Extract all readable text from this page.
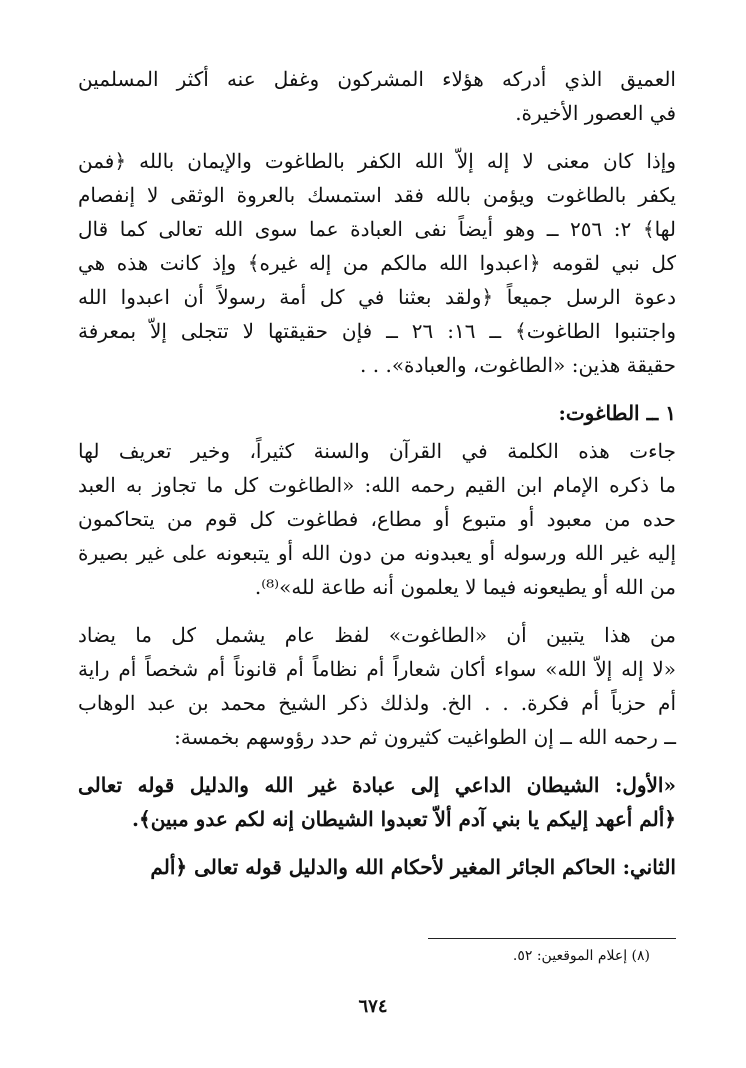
العميق الذي أدركه هؤلاء المشركون وغفل عنه أكثر المسلمين
في العصور الأخيرة.
وإذا كان معنى لا إله إلاّ الله الكفر بالطاغوت والإيمان بالله ﴿فمن
يكفر بالطاغوت ويؤمن بالله فقد استمسك بالعروة الوثقى لا إنفصام
لها﴾ ٢: ٢٥٦ ــ وهو أيضاً نفى العبادة عما سوى الله تعالى كما قال
كل نبي لقومه ﴿اعبدوا الله مالكم من إله غيره﴾ وإذ كانت هذه هي
دعوة الرسل جميعاً ﴿ولقد بعثنا في كل أمة رسولاً أن اعبدوا الله
واجتنبوا الطاغوت﴾ ــ ١٦: ٢٦ ــ فإن حقيقتها لا تتجلى إلاّ بمعرفة
حقيقة هذين: «الطاغوت، والعبادة». . .
١ ــ الطاغوت:
جاءت هذه الكلمة في القرآن والسنة كثيراً، وخير تعريف لها
ما ذكره الإمام ابن القيم رحمه الله: «الطاغوت كل ما تجاوز به العبد
حده من معبود أو متبوع أو مطاع، فطاغوت كل قوم من يتحاكمون
إليه غير الله ورسوله أو يعبدونه من دون الله أو يتبعونه على غير بصيرة
من الله أو يطيعونه فيما لا يعلمون أنه طاعة لله»⁽⁸⁾.
من هذا يتبين أن «الطاغوت» لفظ عام يشمل كل ما يضاد
«لا إله إلاّ الله» سواء أكان شعاراً أم نظاماً أم قانوناً أم شخصاً أم راية
أم حزباً أم فكرة. . . الخ. ولذلك ذكر الشيخ محمد بن عبد الوهاب
ــ رحمه الله ــ إن الطواغيت كثيرون ثم حدد رؤوسهم بخمسة:
«الأول: الشيطان الداعي إلى عبادة غير الله والدليل قوله تعالى
﴿ألم أعهد إليكم يا بني آدم ألاّ تعبدوا الشيطان إنه لكم عدو مبين﴾.
الثاني: الحاكم الجائر المغير لأحكام الله والدليل قوله تعالى ﴿ألم
(٨) إعلام الموقعين: ٥٢.
٦٧٤
